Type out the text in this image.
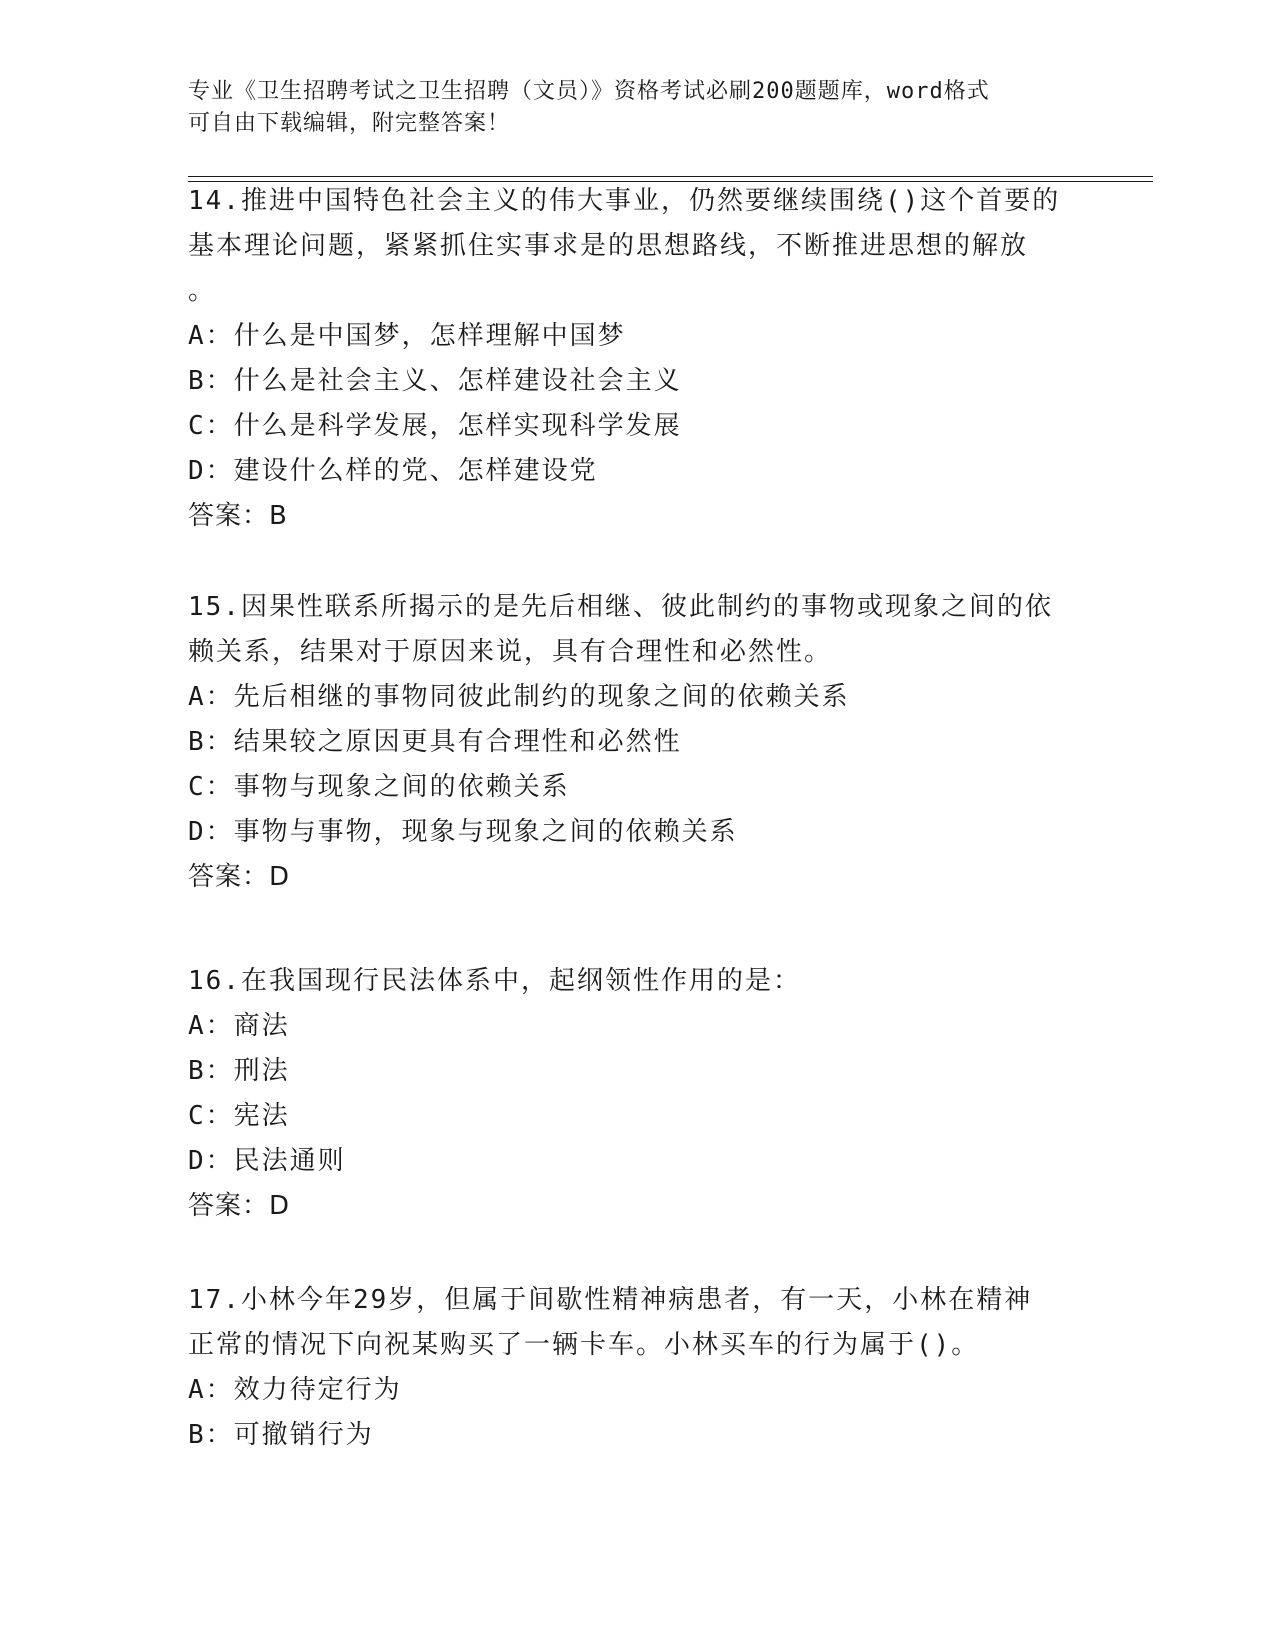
专业《卫生招聘考试之卫生招聘（文员）》资格考试必刷200题题库，word格式
可自由下载编辑，附完整答案！
14.推进中国特色社会主义的伟大事业，仍然要继续围绕()这个首要的
基本理论问题，紧紧抓住实事求是的思想路线，不断推进思想的解放
。
A：什么是中国梦，怎样理解中国梦
B：什么是社会主义、怎样建设社会主义
C：什么是科学发展，怎样实现科学发展
D：建设什么样的党、怎样建设党
答案：B
15.因果性联系所揭示的是先后相继、彼此制约的事物或现象之间的依
赖关系，结果对于原因来说，具有合理性和必然性。
A：先后相继的事物同彼此制约的现象之间的依赖关系
B：结果较之原因更具有合理性和必然性
C：事物与现象之间的依赖关系
D：事物与事物，现象与现象之间的依赖关系
答案：D
16.在我国现行民法体系中，起纲领性作用的是：
A：商法
B：刑法
C：宪法
D：民法通则
答案：D
17.小林今年29岁，但属于间歇性精神病患者，有一天，小林在精神
正常的情况下向祝某购买了一辆卡车。小林买车的行为属于()。
A：效力待定行为
B：可撤销行为
